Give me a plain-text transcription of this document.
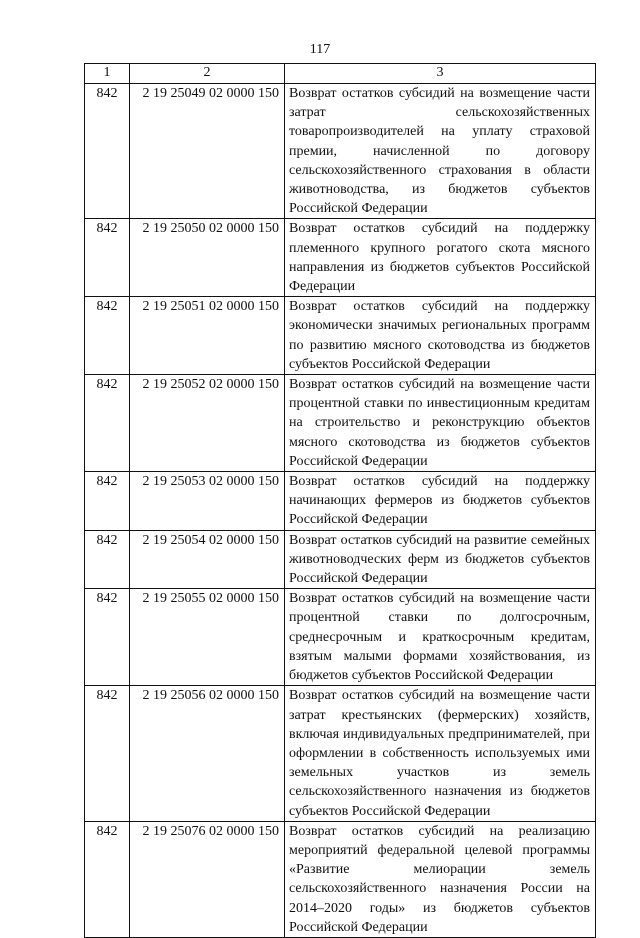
117
1	2	3
842	2 19 25049 02 0000 150	Возврат остатков субсидий на возмещение части затрат сельскохозяйственных товаропроизводителей на уплату страховой премии, начисленной по договору сельскохозяйственного страхования в области животноводства, из бюджетов субъектов Российской Федерации
842	2 19 25050 02 0000 150	Возврат остатков субсидий на поддержку племенного крупного рогатого скота мясного направления из бюджетов субъектов Российской Федерации
842	2 19 25051 02 0000 150	Возврат остатков субсидий на поддержку экономически значимых региональных программ по развитию мясного скотоводства из бюджетов субъектов Российской Федерации
842	2 19 25052 02 0000 150	Возврат остатков субсидий на возмещение части процентной ставки по инвестиционным кредитам на строительство и реконструкцию объектов мясного скотоводства из бюджетов субъектов Российской Федерации
842	2 19 25053 02 0000 150	Возврат остатков субсидий на поддержку начинающих фермеров из бюджетов субъектов Российской Федерации
842	2 19 25054 02 0000 150	Возврат остатков субсидий на развитие семейных животноводческих ферм из бюджетов субъектов Российской Федерации
842	2 19 25055 02 0000 150	Возврат остатков субсидий на возмещение части процентной ставки по долгосрочным, среднесрочным и краткосрочным кредитам, взятым малыми формами хозяйствования, из бюджетов субъектов Российской Федерации
842	2 19 25056 02 0000 150	Возврат остатков субсидий на возмещение части затрат крестьянских (фермерских) хозяйств, включая индивидуальных предпринимателей, при оформлении в собственность используемых ими земельных участков из земель сельскохозяйственного назначения из бюджетов субъектов Российской Федерации
842	2 19 25076 02 0000 150	Возврат остатков субсидий на реализацию мероприятий федеральной целевой программы «Развитие мелиорации земель сельскохозяйственного назначения России на 2014–2020 годы» из бюджетов субъектов Российской Федерации
